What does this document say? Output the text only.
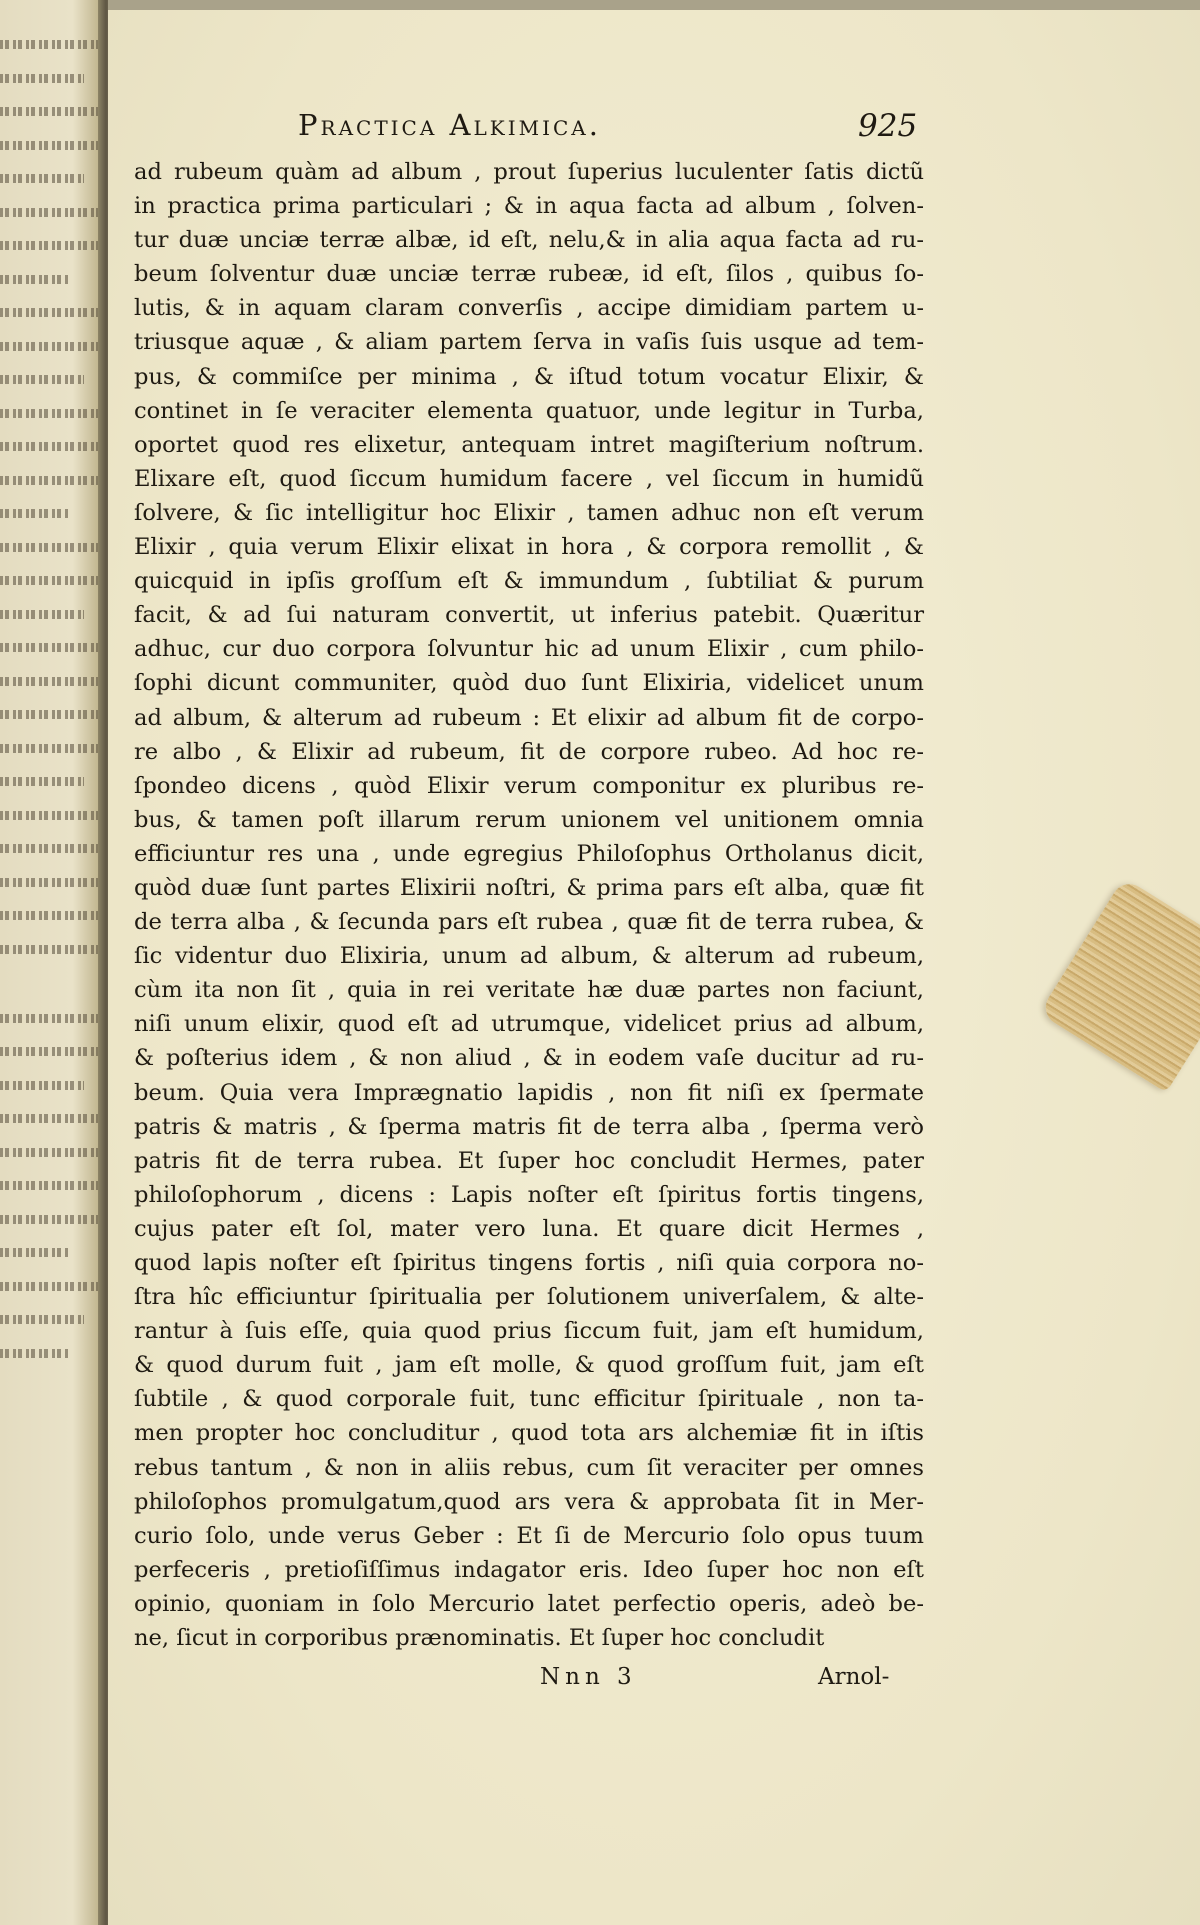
Practica Alkimica.	925
ad rubeum quàm ad album , prout ſuperius luculenter ſatis dictũ
in practica prima particulari ; & in aqua facta ad album , ſolven-
tur duæ unciæ terræ albæ, id eſt, nelu,& in alia aqua facta ad ru-
beum ſolventur duæ unciæ terræ rubeæ, id eſt, ſilos , quibus ſo-
lutis, & in aquam claram converſis , accipe dimidiam partem u-
triusque aquæ , & aliam partem ſerva in vaſis ſuis usque ad tem-
pus, & commiſce per minima , & iſtud totum vocatur Elixir, &
continet in ſe veraciter elementa quatuor, unde legitur in Turba,
oportet quod res elixetur, antequam intret magiſterium noſtrum.
Elixare eſt, quod ſiccum humidum facere , vel ſiccum in humidũ
ſolvere, & ſic intelligitur hoc Elixir , tamen adhuc non eſt verum
Elixir , quia verum Elixir elixat in hora , & corpora remollit , &
quicquid in ipſis groſſum eſt & immundum , ſubtiliat & purum
facit, & ad ſui naturam convertit, ut inferius patebit. Quæritur
adhuc, cur duo corpora ſolvuntur hic ad unum Elixir , cum philo-
ſophi dicunt communiter, quòd duo ſunt Elixiria, videlicet unum
ad album, & alterum ad rubeum : Et elixir ad album fit de corpo-
re albo , & Elixir ad rubeum, fit de corpore rubeo. Ad hoc re-
ſpondeo dicens , quòd Elixir verum componitur ex pluribus re-
bus, & tamen poſt illarum rerum unionem vel unitionem omnia
efficiuntur res una , unde egregius Philoſophus Ortholanus dicit,
quòd duæ ſunt partes Elixirii noſtri, & prima pars eſt alba, quæ fit
de terra alba , & ſecunda pars eſt rubea , quæ fit de terra rubea, &
ſic videntur duo Elixiria, unum ad album, & alterum ad rubeum,
cùm ita non ſit , quia in rei veritate hæ duæ partes non faciunt,
niſi unum elixir, quod eſt ad utrumque, videlicet prius ad album,
& poſterius idem , & non aliud , & in eodem vaſe ducitur ad ru-
beum. Quia vera Imprægnatio lapidis , non fit niſi ex ſpermate
patris & matris , & ſperma matris fit de terra alba , ſperma verò
patris fit de terra rubea. Et ſuper hoc concludit Hermes, pater
philoſophorum , dicens : Lapis noſter eſt ſpiritus fortis tingens,
cujus pater eſt ſol, mater vero luna. Et quare dicit Hermes ,
quod lapis noſter eſt ſpiritus tingens fortis , niſi quia corpora no-
ſtra hîc efficiuntur ſpiritualia per ſolutionem univerſalem, & alte-
rantur à ſuis eſſe, quia quod prius ſiccum fuit, jam eſt humidum,
& quod durum fuit , jam eſt molle, & quod groſſum fuit, jam eſt
ſubtile , & quod corporale fuit, tunc efficitur ſpirituale , non ta-
men propter hoc concluditur , quod tota ars alchemiæ fit in iſtis
rebus tantum , & non in aliis rebus, cum ſit veraciter per omnes
philoſophos promulgatum,quod ars vera & approbata ſit in Mer-
curio ſolo, unde verus Geber : Et ſi de Mercurio ſolo opus tuum
perfeceris , pretioſiſſimus indagator eris. Ideo ſuper hoc non eſt
opinio, quoniam in ſolo Mercurio latet perfectio operis, adeò be-
ne, ſicut in corporibus prænominatis. Et ſuper hoc concludit
Nnn 3	Arnol-
